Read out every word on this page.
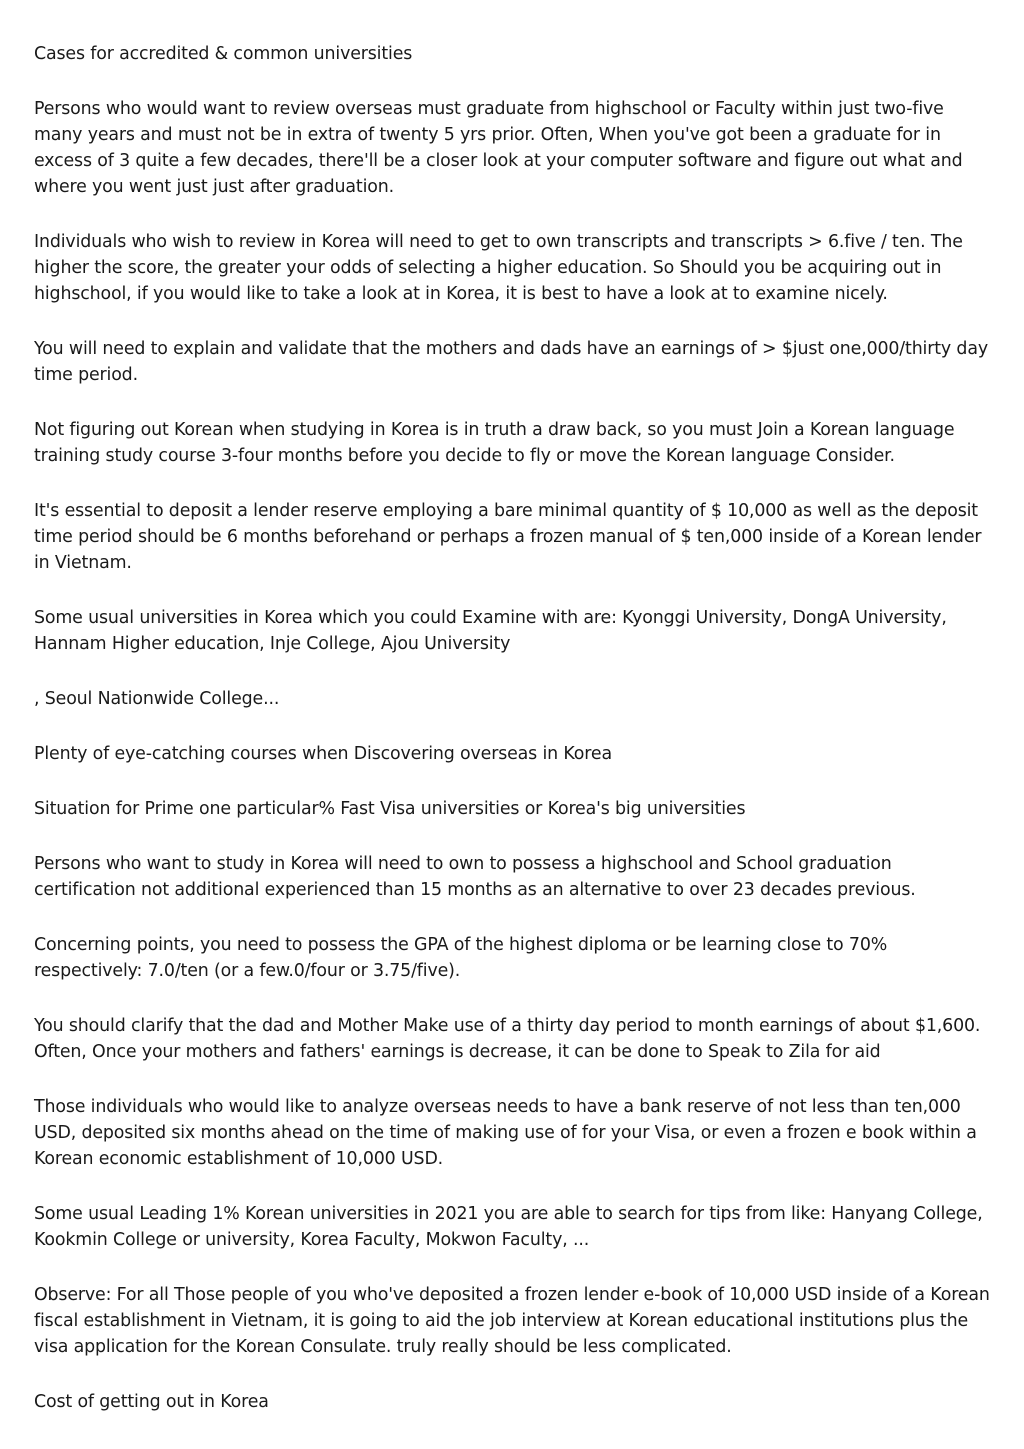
Cases for accredited & common universities

Persons who would want to review overseas must graduate from highschool or Faculty within just two-five many years and must not be in extra of twenty 5 yrs prior. Often, When you've got been a graduate for in excess of 3 quite a few decades, there'll be a closer look at your computer software and figure out what and where you went just just after graduation.

Individuals who wish to review in Korea will need to get to own transcripts and transcripts > 6.five / ten. The higher the score, the greater your odds of selecting a higher education. So Should you be acquiring out in highschool, if you would like to take a look at in Korea, it is best to have a look at to examine nicely.

You will need to explain and validate that the mothers and dads have an earnings of > $just one,000/thirty day time period.

Not figuring out Korean when studying in Korea is in truth a draw back, so you must Join a Korean language training study course 3-four months before you decide to fly or move the Korean language Consider.

It's essential to deposit a lender reserve employing a bare minimal quantity of $ 10,000 as well as the deposit time period should be 6 months beforehand or perhaps a frozen manual of $ ten,000 inside of a Korean lender in Vietnam.

Some usual universities in Korea which you could Examine with are: Kyonggi University, DongA University, Hannam Higher education, Inje College, Ajou University

, Seoul Nationwide College...

Plenty of eye-catching courses when Discovering overseas in Korea

Situation for Prime one particular% Fast Visa universities or Korea's big universities

Persons who want to study in Korea will need to own to possess a highschool and School graduation certification not additional experienced than 15 months as an alternative to over 23 decades previous.

Concerning points, you need to possess the GPA of the highest diploma or be learning close to 70% respectively: 7.0/ten (or a few.0/four or 3.75/five).

You should clarify that the dad and Mother Make use of a thirty day period to month earnings of about $1,600. Often, Once your mothers and fathers' earnings is decrease, it can be done to Speak to Zila for aid

Those individuals who would like to analyze overseas needs to have a bank reserve of not less than ten,000 USD, deposited six months ahead on the time of making use of for your Visa, or even a frozen e book within a Korean economic establishment of 10,000 USD.

Some usual Leading 1% Korean universities in 2021 you are able to search for tips from like: Hanyang College, Kookmin College or university, Korea Faculty, Mokwon Faculty, ...

Observe: For all Those people of you who've deposited a frozen lender e-book of 10,000 USD inside of a Korean fiscal establishment in Vietnam, it is going to aid the job interview at Korean educational institutions plus the visa application for the Korean Consulate. truly really should be less complicated.

Cost of getting out in Korea
